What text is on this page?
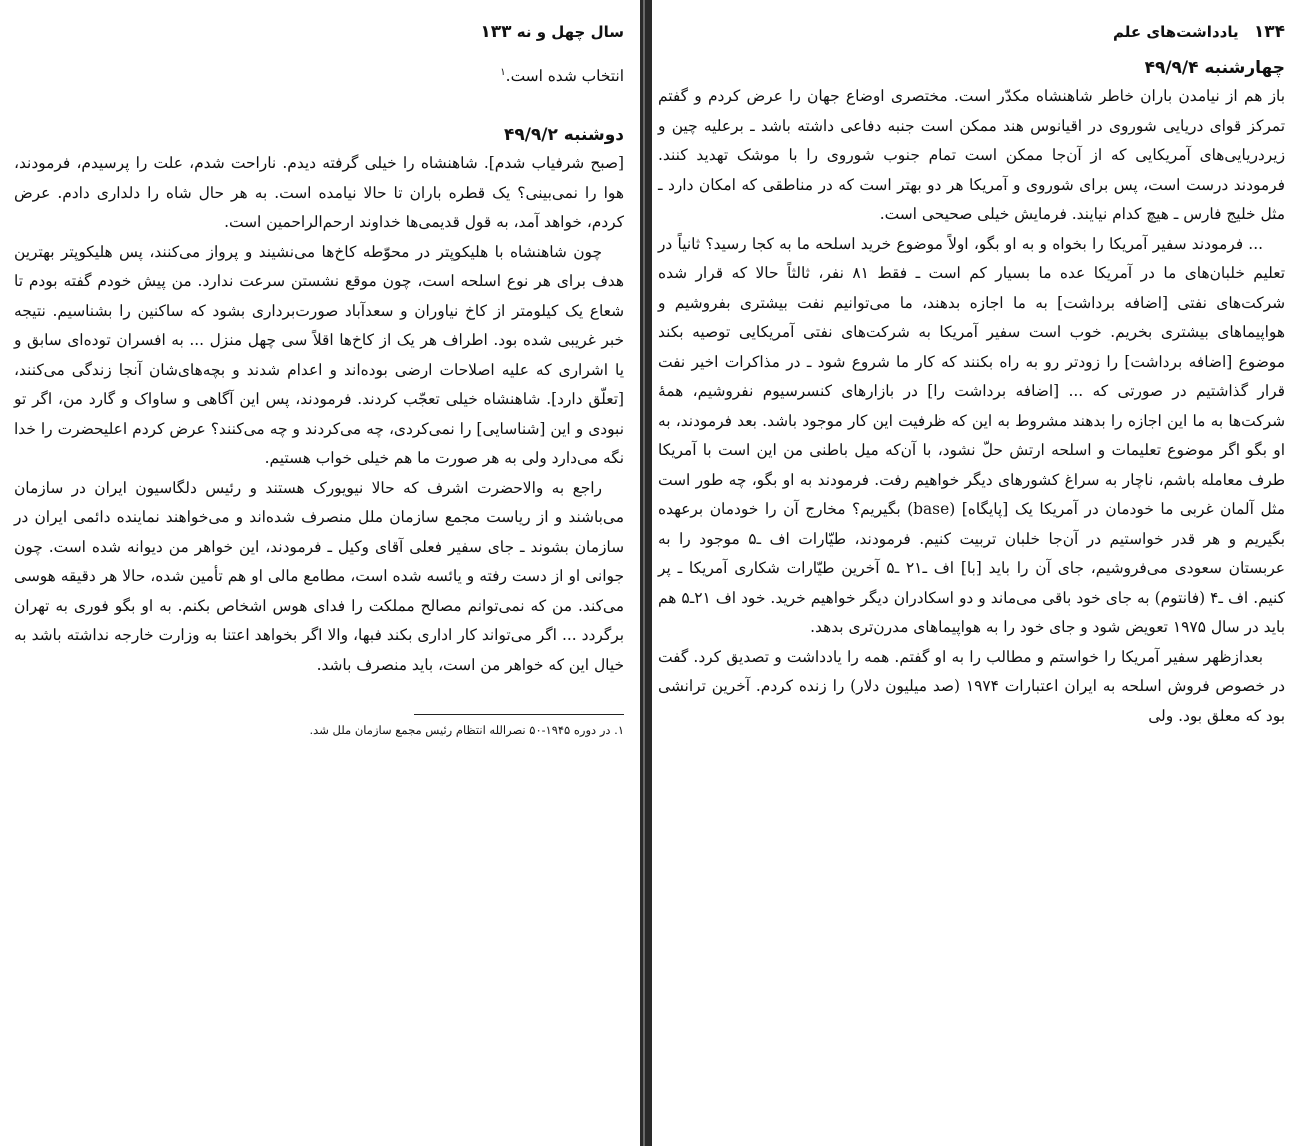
سال چهل و نه ۱۳۳
انتخاب شده است.$^۱$
دوشنبه ۴۹/۹/۲

[صبح شرفیاب شدم]. شاهنشاه را خیلی گرفته دیدم. ناراحت شدم، علت را پرسیدم، فرمودند، هوا را نمی‌بینی؟ یک قطره باران تا حالا نیامده است. به هر حال شاه را دلداری دادم. عرض کردم، خواهد آمد، به قول قدیمی‌ها خداوند ارحم‌الراحمین است.

چون شاهنشاه با هلیکوپتر در محوّطه کاخ‌ها می‌نشیند و پرواز می‌کنند، پس هلیکوپتر بهترین هدف برای هر نوع اسلحه است، چون موقع نشستن سرعت ندارد. من پیش خودم گفته بودم تا شعاع یک کیلومتر از کاخ نیاوران و سعدآباد صورت‌برداری بشود که ساکنین را بشناسیم. نتیجه خبر غریبی شده بود. اطراف هر یک از کاخ‌ها اقلاً سی چهل منزل ... به افسران توده‌ای سابق و یا اشراری که علیه اصلاحات ارضی بوده‌اند و اعدام شدند و بچه‌های‌شان آنجا زندگی می‌کنند، [تعلّق دارد]. شاهنشاه خیلی تعجّب کردند. فرمودند، پس این آگاهی و ساواک و گارد من، اگر تو نبودی و این [شناسایی] را نمی‌کردی، چه می‌کردند و چه می‌کنند؟ عرض کردم اعلیحضرت را خدا نگه می‌دارد ولی به هر صورت ما هم خیلی خواب هستیم.

راجع به والاحضرت اشرف که حالا نیویورک هستند و رئیس دلگاسیون ایران در سازمان می‌باشند و از ریاست مجمع سازمان ملل منصرف شده‌اند و می‌خواهند نماینده دائمی ایران در سازمان بشوند ـ جای سفیر فعلی آقای وکیل ـ فرمودند، این خواهر من دیوانه شده است. چون جوانی او از دست رفته و یائسه شده است، مطامع مالی او هم تأمین شده، حالا هر دقیقه هوسی می‌کند. من که نمی‌توانم مصالح مملکت را فدای هوس اشخاص بکنم. به او بگو فوری به تهران برگردد ... اگر می‌تواند کار اداری بکند فبها، والا اگر بخواهد اعتنا به وزارت خارجه نداشته باشد به خیال این که خواهر من است، باید منصرف باشد.

۱. در دوره ۱۹۴۵-۵۰ نصرالله انتظام رئیس مجمع سازمان ملل شد.
۱۳۴ یادداشت‌های علم
چهارشنبه ۴۹/۹/۴

باز هم از نیامدن باران خاطر شاهنشاه مکدّر است. مختصری اوضاع جهان را عرض کردم و گفتم تمرکز قوای دریایی شوروی در اقیانوس هند ممکن است جنبه دفاعی داشته باشد ـ برعلیه چین و زیردریایی‌های آمریکایی که از آن‌جا ممکن است تمام جنوب شوروی را با موشک تهدید کنند. فرمودند درست است، پس برای شوروی و آمریکا هر دو بهتر است که در مناطقی که امکان دارد ـ مثل خلیج فارس ـ هیچ کدام نیایند. فرمایش خیلی صحیحی است.

... فرمودند سفیر آمریکا را بخواه و به او بگو، اولاً موضوع خرید اسلحه ما به کجا رسید؟ ثانیاً در تعلیم خلبان‌های ما در آمریکا عده ما بسیار کم است ـ فقط ۸۱ نفر، ثالثاً حالا که قرار شده شرکت‌های نفتی [اضافه برداشت] به ما اجازه بدهند، ما می‌توانیم نفت بیشتری بفروشیم و هواپیماهای بیشتری بخریم. خوب است سفیر آمریکا به شرکت‌های نفتی آمریکایی توصیه بکند موضوع [اضافه برداشت] را زودتر رو به راه بکنند که کار ما شروع شود ـ در مذاکرات اخیر نفت قرار گذاشتیم در صورتی که ... [اضافه برداشت را] در بازارهای کنسرسیوم نفروشیم، همهٔ شرکت‌ها به ما این اجازه را بدهند مشروط به این که ظرفیت این کار موجود باشد. بعد فرمودند، به او بگو اگر موضوع تعلیمات و اسلحه ارتش حلّ نشود، با آن‌که میل باطنی من این است با آمریکا طرف معامله باشم، ناچار به سراغ کشورهای دیگر خواهیم رفت. فرمودند به او بگو، چه طور است مثل آلمان غربی ما خودمان در آمریکا یک [پایگاه] (base) بگیریم؟ مخارج آن را خودمان برعهده بگیریم و هر قدر خواستیم در آن‌جا خلبان تربیت کنیم. فرمودند، طیّارات اف ـ۵ موجود را به عربستان سعودی می‌فروشیم، جای آن را باید [با] اف ـ۲۱ ـ۵ آخرین طیّارات شکاری آمریکا ـ پر کنیم. اف ـ۴ (فانتوم) به جای خود باقی می‌ماند و دو اسکادران دیگر خواهیم خرید. خود اف ۲۱ـ۵ هم باید در سال ۱۹۷۵ تعویض شود و جای خود را به هواپیماهای مدرن‌تری بدهد.

بعدازظهر سفیر آمریکا را خواستم و مطالب را به او گفتم. همه را یادداشت و تصدیق کرد. گفت در خصوص فروش اسلحه به ایران اعتبارات ۱۹۷۴ (صد میلیون دلار) را زنده کردم. آخرین ترانشی بود که معلق بود. ولی
